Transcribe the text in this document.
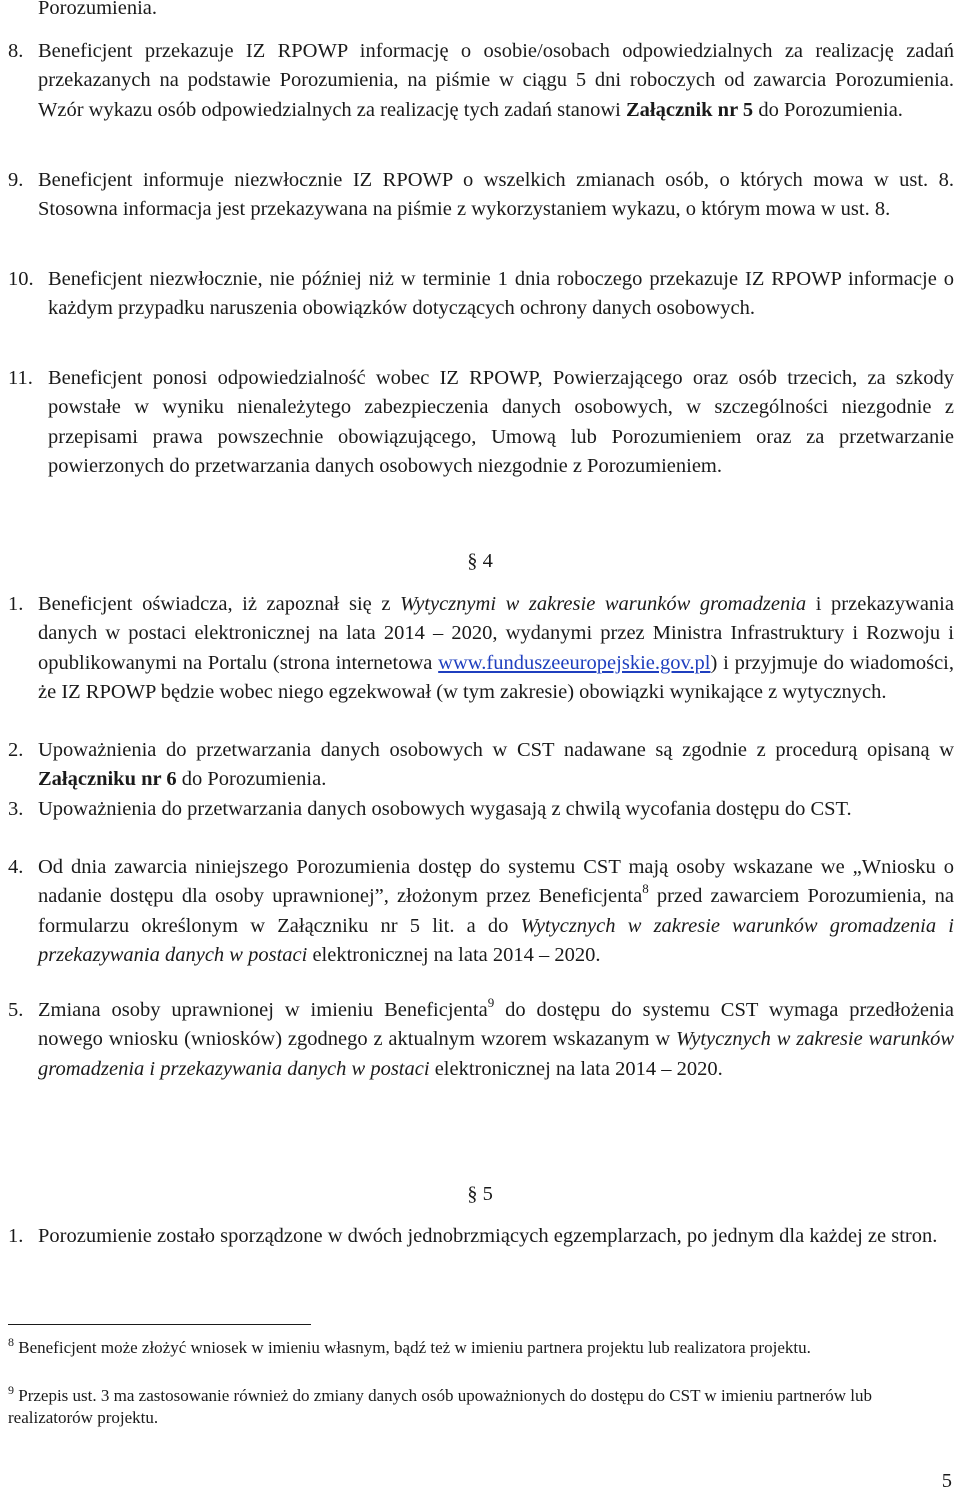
Porozumienia.
8. Beneficjent przekazuje IZ RPOWP informację o osobie/osobach odpowiedzialnych za realizację zadań przekazanych na podstawie Porozumienia, na piśmie w ciągu 5 dni roboczych od zawarcia Porozumienia. Wzór wykazu osób odpowiedzialnych za realizację tych zadań stanowi Załącznik nr 5 do Porozumienia.

9. Beneficjent informuje niezwłocznie IZ RPOWP o wszelkich zmianach osób, o których mowa w ust. 8. Stosowna informacja jest przekazywana na piśmie z wykorzystaniem wykazu, o którym mowa w ust. 8.

10. Beneficjent niezwłocznie, nie później niż w terminie 1 dnia roboczego przekazuje IZ RPOWP informacje o każdym przypadku naruszenia obowiązków dotyczących ochrony danych osobowych.

11. Beneficjent ponosi odpowiedzialność wobec IZ RPOWP, Powierzającego oraz osób trzecich, za szkody powstałe w wyniku nienależytego zabezpieczenia danych osobowych, w szczególności niezgodnie z przepisami prawa powszechnie obowiązującego, Umową lub Porozumieniem oraz za przetwarzanie powierzonych do przetwarzania danych osobowych niezgodnie z Porozumieniem.

§ 4
1. Beneficjent oświadcza, iż zapoznał się z Wytycznymi w zakresie warunków gromadzenia i przekazywania danych w postaci elektronicznej na lata 2014 – 2020, wydanymi przez Ministra Infrastruktury i Rozwoju i opublikowanymi na Portalu (strona internetowa www.funduszeeuropejskie.gov.pl) i przyjmuje do wiadomości, że IZ RPOWP będzie wobec niego egzekwował (w tym zakresie) obowiązki wynikające z wytycznych.

2. Upoważnienia do przetwarzania danych osobowych w CST nadawane są zgodnie z procedurą opisaną w Załączniku nr 6 do Porozumienia.

3. Upoważnienia do przetwarzania danych osobowych wygasają z chwilą wycofania dostępu do CST.

4. Od dnia zawarcia niniejszego Porozumienia dostęp do systemu CST mają osoby wskazane we „Wniosku o nadanie dostępu dla osoby uprawnionej”, złożonym przez Beneficjenta$^8$ przed zawarciem Porozumienia, na formularzu określonym w Załączniku nr 5 lit. a do Wytycznych w zakresie warunków gromadzenia i przekazywania danych w postaci elektronicznej na lata 2014 – 2020.

5. Zmiana osoby uprawnionej w imieniu Beneficjenta$^9$ do dostępu do systemu CST wymaga przedłożenia nowego wniosku (wniosków) zgodnego z aktualnym wzorem wskazanym w Wytycznych w zakresie warunków gromadzenia i przekazywania danych w postaci elektronicznej na lata 2014 – 2020.

§ 5
1. Porozumienie zostało sporządzone w dwóch jednobrzmiących egzemplarzach, po jednym dla każdej ze stron.

$^8$ Beneficjent może złożyć wniosek w imieniu własnym, bądź też w imieniu partnera projektu lub realizatora projektu.
$^9$ Przepis ust. 3 ma zastosowanie również do zmiany danych osób upoważnionych do dostępu do CST w imieniu partnerów lub realizatorów projektu.
5
